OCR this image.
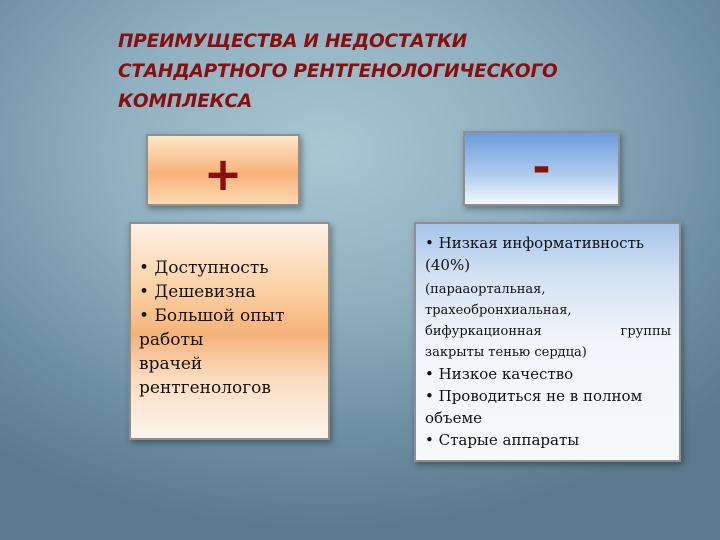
ПРЕИМУЩЕСТВА И НЕДОСТАТКИ
СТАНДАРТНОГО РЕНТГЕНОЛОГИЧЕСКОГО
КОМПЛЕКСА
+	-
• Доступность
• Дешевизна
• Большой опыт
работы
врачей
рентгенологов
• Низкая информативность
(40%)
(парааортальная,
трахеобронхиальная,
бифуркационная	группы
закрыты тенью сердца)
• Низкое качество
• Проводиться не в полном
объеме
• Старые аппараты
